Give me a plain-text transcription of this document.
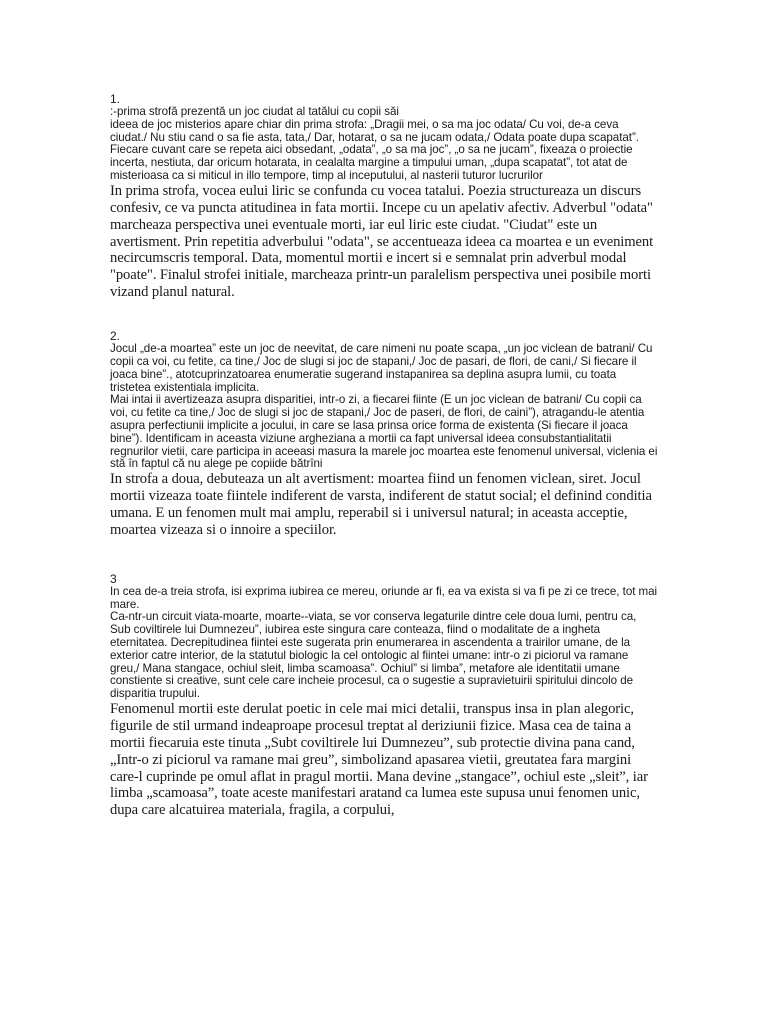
1.

:-prima strofă prezentă un joc ciudat al tatălui cu copii săi

ideea de joc misterios apare chiar din prima strofa: „Dragii mei, o sa ma joc odata/ Cu voi, de-a ceva ciudat./ Nu stiu cand o sa fie asta, tata,/ Dar, hotarat, o sa ne jucam odata,/ Odata poate dupa scapatat”. Fiecare cuvant care se repeta aici obsedant, „odata”, „o sa ma joc”, „o sa ne jucam”, fixeaza o proiectie incerta, nestiuta, dar oricum hotarata, in cealalta margine a timpului uman, „dupa scapatat”, tot atat de misterioasa ca si miticul in illo tempore, timp al inceputului, al nasterii tuturor lucrurilor

In prima strofa, vocea eului liric se confunda cu vocea tatalui. Poezia structureaza un discurs confesiv, ce va puncta atitudinea in fata mortii. Incepe cu un apelativ afectiv. Adverbul "odata" marcheaza perspectiva unei eventuale morti, iar eul liric este ciudat. "Ciudat" este un avertisment. Prin repetitia adverbului "odata", se accentueaza ideea ca moartea e un eveniment necircumscris temporal. Data, momentul mortii e incert si e semnalat prin adverbul modal "poate". Finalul strofei initiale, marcheaza printr-un paralelism perspectiva unei posibile morti vizand planul natural.

2.

Jocul „de-a moartea” este un joc de neevitat, de care nimeni nu poate scapa, „un joc viclean de batrani/ Cu copii ca voi, cu fetite, ca tine,/ Joc de slugi si joc de stapani,/ Joc de pasari, de flori, de cani,/ Si fiecare il joaca bine”., atotcuprinzatoarea enumeratie sugerand instapanirea sa deplina asupra lumii, cu toata tristetea existentiala implicita.

Mai intai ii avertizeaza asupra disparitiei, intr-o zi, a fiecarei fiinte (E un joc viclean de batrani/ Cu copii ca voi, cu fetite ca tine,/ Joc de slugi si joc de stapani,/ Joc de paseri, de flori, de caini”), atragandu-le atentia asupra perfectiunii implicite a jocului, in care se lasa prinsa orice forma de existenta (Si fiecare il joaca bine”). Identificam in aceasta viziune argheziana a mortii ca fapt universal ideea consubstantialitatii regnurilor vietii, care participa in aceeasi masura la marele joc moartea este fenomenul universal, viclenia ei stă în faptul că nu alege pe copiide bătrîni

In strofa a doua, debuteaza un alt avertisment: moartea fiind un fenomen viclean, siret. Jocul mortii vizeaza toate fiintele indiferent de varsta, indiferent de statut social; el definind conditia umana. E un fenomen mult mai amplu, reperabil si i universul natural; in aceasta acceptie, moartea vizeaza si o innoire a speciilor.

3

In cea de-a treia strofa, isi exprima iubirea ce mereu, oriunde ar fi, ea va exista si va fi pe zi ce trece, tot mai mare.

Ca-ntr-un circuit viata-moarte, moarte--viata, se vor conserva legaturile dintre cele doua lumi, pentru ca, Sub coviltirele lui Dumnezeu”, iubirea este singura care conteaza, fiind o modalitate de a ingheta eternitatea. Decrepitudinea fiintei este sugerata prin enumerarea in ascendenta a trairilor umane, de la exterior catre interior, de la statutul biologic la cel ontologic al fiintei umane: intr-o zi piciorul va ramane greu,/ Mana stangace, ochiul sleit, limba scamoasa”. Ochiul” si limba”, metafore ale identitatii umane constiente si creative, sunt cele care incheie procesul, ca o sugestie a supravietuirii spiritului dincolo de disparitia trupului.

Fenomenul mortii este derulat poetic in cele mai mici detalii, transpus insa in plan alegoric, figurile de stil urmand indeaproape procesul treptat al deriziunii fizice. Masa cea de taina a mortii fiecaruia este tinuta „Subt coviltirele lui Dumnezeu”, sub protectie divina pana cand, „Intr-o zi piciorul va ramane mai greu”, simbolizand apasarea vietii, greutatea fara margini care-l cuprinde pe omul aflat in pragul mortii. Mana devine „stangace”, ochiul este „sleit”, iar limba „scamoasa”, toate aceste manifestari aratand ca lumea este supusa unui fenomen unic, dupa care alcatuirea materiala, fragila, a corpului,
